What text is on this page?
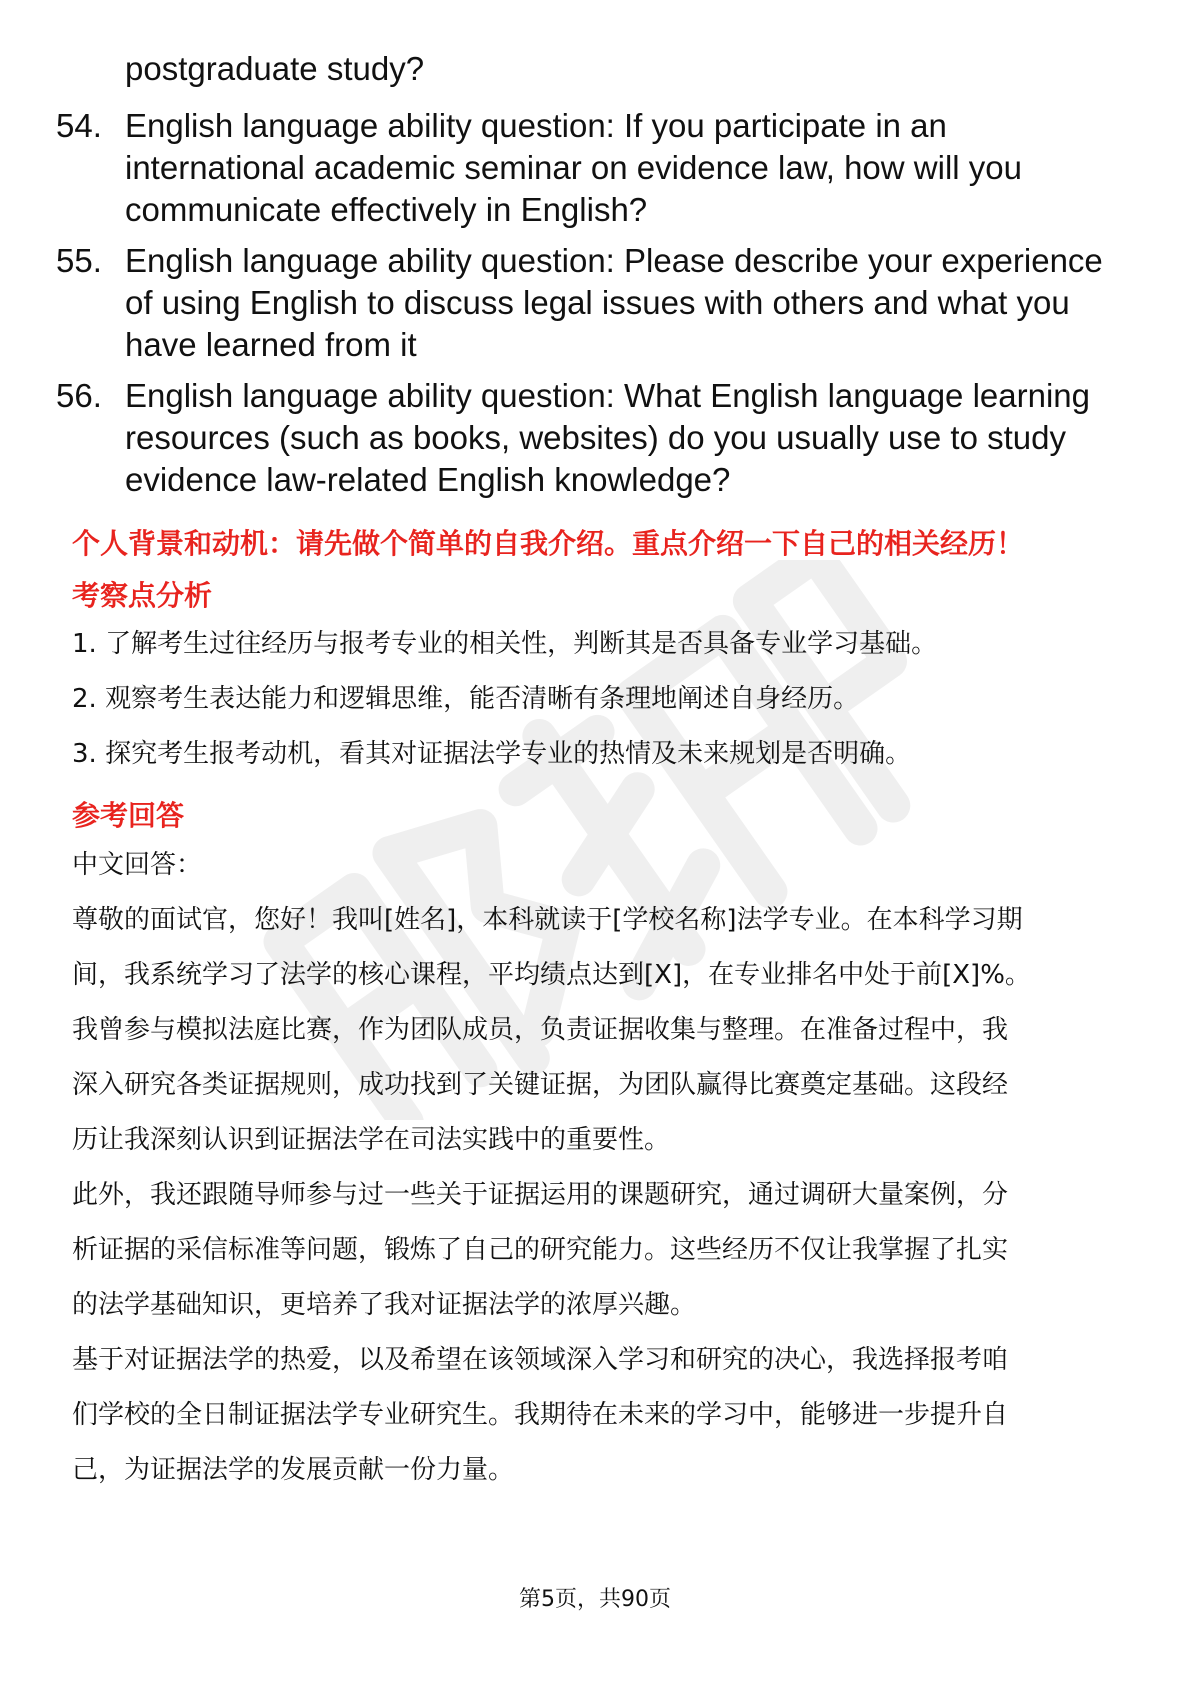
postgraduate study?
54. English language ability question: If you participate in an international academic seminar on evidence law, how will you communicate effectively in English?
55. English language ability question: Please describe your experience of using English to discuss legal issues with others and what you have learned from it
56. English language ability question: What English language learning resources (such as books, websites) do you usually use to study evidence law-related English knowledge?
个人背景和动机：请先做个简单的自我介绍。重点介绍一下自己的相关经历！
考察点分析
1. 了解考生过往经历与报考专业的相关性，判断其是否具备专业学习基础。
2. 观察考生表达能力和逻辑思维，能否清晰有条理地阐述自身经历。
3. 探究考生报考动机，看其对证据法学专业的热情及未来规划是否明确。
参考回答
中文回答：
尊敬的面试官，您好！我叫[姓名]，本科就读于[学校名称]法学专业。在本科学习期
间，我系统学习了法学的核心课程，平均绩点达到[X]，在专业排名中处于前[X]%。
我曾参与模拟法庭比赛，作为团队成员，负责证据收集与整理。在准备过程中，我
深入研究各类证据规则，成功找到了关键证据，为团队赢得比赛奠定基础。这段经
历让我深刻认识到证据法学在司法实践中的重要性。
此外，我还跟随导师参与过一些关于证据运用的课题研究，通过调研大量案例，分
析证据的采信标准等问题，锻炼了自己的研究能力。这些经历不仅让我掌握了扎实
的法学基础知识，更培养了我对证据法学的浓厚兴趣。
基于对证据法学的热爱，以及希望在该领域深入学习和研究的决心，我选择报考咱
们学校的全日制证据法学专业研究生。我期待在未来的学习中，能够进一步提升自
己，为证据法学的发展贡献一份力量。
第5页，共90页
